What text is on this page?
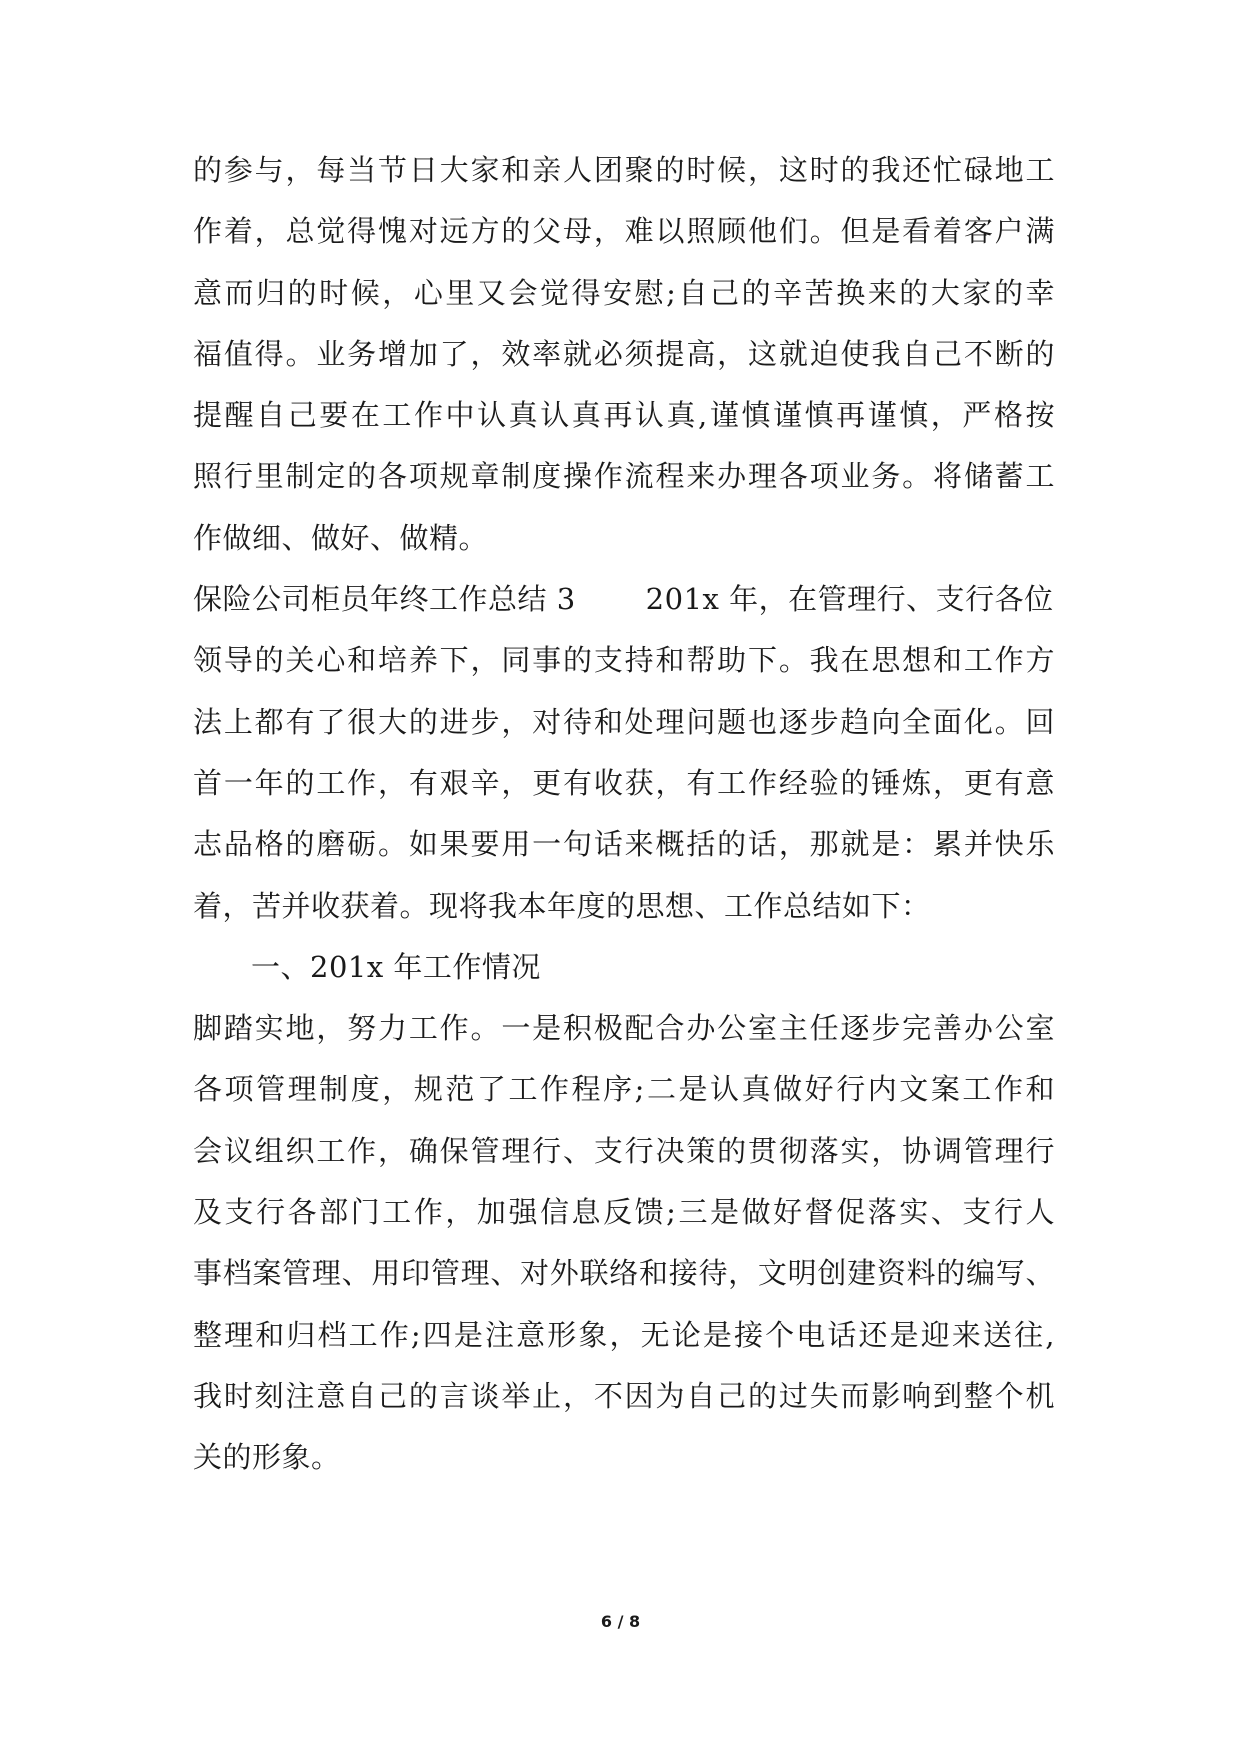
的参与，每当节日大家和亲人团聚的时候，这时的我还忙碌地工
作着，总觉得愧对远方的父母，难以照顾他们。但是看着客户满
意而归的时候，心里又会觉得安慰;自己的辛苦换来的大家的幸
福值得。业务增加了，效率就必须提高，这就迫使我自己不断的
提醒自己要在工作中认真认真再认真,谨慎谨慎再谨慎，严格按
照行里制定的各项规章制度操作流程来办理各项业务。将储蓄工
作做细、做好、做精。
保险公司柜员年终工作总结 3 201x 年，在管理行、支行各位
领导的关心和培养下，同事的支持和帮助下。我在思想和工作方
法上都有了很大的进步，对待和处理问题也逐步趋向全面化。回
首一年的工作，有艰辛，更有收获，有工作经验的锤炼，更有意
志品格的磨砺。如果要用一句话来概括的话，那就是：累并快乐
着，苦并收获着。现将我本年度的思想、工作总结如下：
一、201x 年工作情况
脚踏实地，努力工作。一是积极配合办公室主任逐步完善办公室
各项管理制度，规范了工作程序;二是认真做好行内文案工作和
会议组织工作，确保管理行、支行决策的贯彻落实，协调管理行
及支行各部门工作，加强信息反馈;三是做好督促落实、支行人
事档案管理、用印管理、对外联络和接待，文明创建资料的编写、
整理和归档工作;四是注意形象，无论是接个电话还是迎来送往,
我时刻注意自己的言谈举止，不因为自己的过失而影响到整个机
关的形象。
6 / 8
